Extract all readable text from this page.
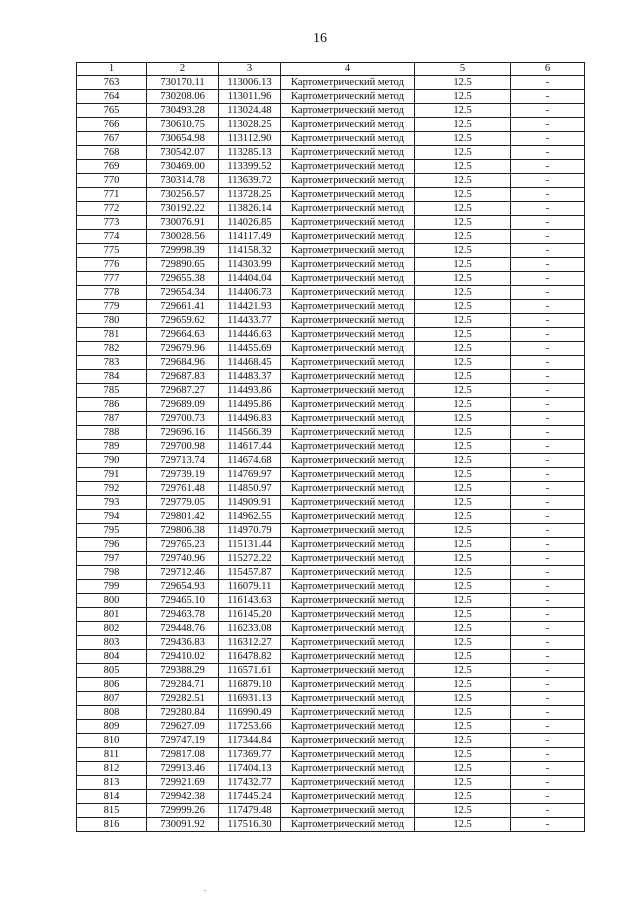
16
1	2	3	4	5	6
763	730170.11	113006.13	Картометрический метод	12.5	-
764	730208.06	113011.96	Картометрический метод	12.5	-
765	730493.28	113024.48	Картометрический метод	12.5	-
766	730610.75	113028.25	Картометрический метод	12.5	-
767	730654.98	113112.90	Картометрический метод	12.5	-
768	730542.07	113285.13	Картометрический метод	12.5	-
769	730469.00	113399.52	Картометрический метод	12.5	-
770	730314.78	113639.72	Картометрический метод	12.5	-
771	730256.57	113728.25	Картометрический метод	12.5	-
772	730192.22	113826.14	Картометрический метод	12.5	-
773	730076.91	114026.85	Картометрический метод	12.5	-
774	730028.56	114117.49	Картометрический метод	12.5	-
775	729998.39	114158.32	Картометрический метод	12.5	-
776	729890.65	114303.99	Картометрический метод	12.5	-
777	729655.38	114404.04	Картометрический метод	12.5	-
778	729654.34	114406.73	Картометрический метод	12.5	-
779	729661.41	114421.93	Картометрический метод	12.5	-
780	729659.62	114433.77	Картометрический метод	12.5	-
781	729664.63	114446.63	Картометрический метод	12.5	-
782	729679.96	114455.69	Картометрический метод	12.5	-
783	729684.96	114468.45	Картометрический метод	12.5	-
784	729687.83	114483.37	Картометрический метод	12.5	-
785	729687.27	114493.86	Картометрический метод	12.5	-
786	729689.09	114495.86	Картометрический метод	12.5	-
787	729700.73	114496.83	Картометрический метод	12.5	-
788	729696.16	114566.39	Картометрический метод	12.5	-
789	729700.98	114617.44	Картометрический метод	12.5	-
790	729713.74	114674.68	Картометрический метод	12.5	-
791	729739.19	114769.97	Картометрический метод	12.5	-
792	729761.48	114850.97	Картометрический метод	12.5	-
793	729779.05	114909.91	Картометрический метод	12.5	-
794	729801.42	114962.55	Картометрический метод	12.5	-
795	729806.38	114970.79	Картометрический метод	12.5	-
796	729765.23	115131.44	Картометрический метод	12.5	-
797	729740.96	115272.22	Картометрический метод	12.5	-
798	729712.46	115457.87	Картометрический метод	12.5	-
799	729654.93	116079.11	Картометрический метод	12.5	-
800	729465.10	116143.63	Картометрический метод	12.5	-
801	729463.78	116145.20	Картометрический метод	12.5	-
802	729448.76	116233.08	Картометрический метод	12.5	-
803	729436.83	116312.27	Картометрический метод	12.5	-
804	729410.02	116478.82	Картометрический метод	12.5	-
805	729388.29	116571.61	Картометрический метод	12.5	-
806	729284.71	116879.10	Картометрический метод	12.5	-
807	729282.51	116931.13	Картометрический метод	12.5	-
808	729280.84	116990.49	Картометрический метод	12.5	-
809	729627.09	117253.66	Картометрический метод	12.5	-
810	729747.19	117344.84	Картометрический метод	12.5	-
811	729817.08	117369.77	Картометрический метод	12.5	-
812	729913.46	117404.13	Картометрический метод	12.5	-
813	729921.69	117432.77	Картометрический метод	12.5	-
814	729942.38	117445.24	Картометрический метод	12.5	-
815	729999.26	117479.48	Картометрический метод	12.5	-
816	730091.92	117516.30	Картометрический метод	12.5	-
.
